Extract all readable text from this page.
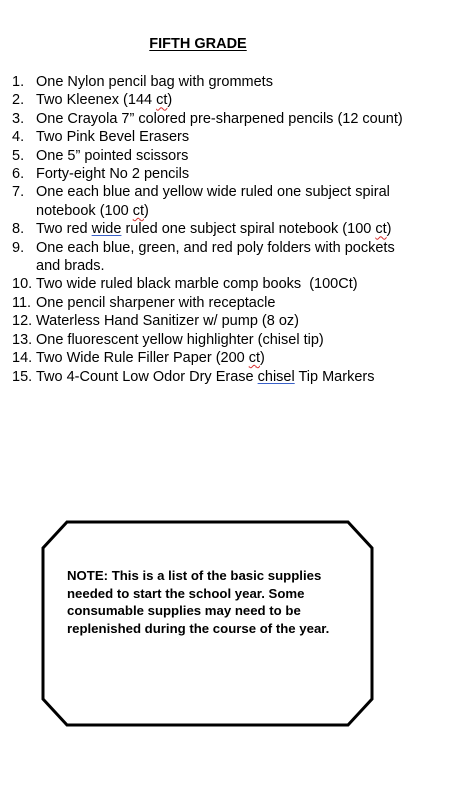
FIFTH GRADE
1. One Nylon pencil bag with grommets
2. Two Kleenex (144 ct)
3. One Crayola 7” colored pre-sharpened pencils (12 count)
4. Two Pink Bevel Erasers
5. One 5” pointed scissors
6. Forty-eight No 2 pencils
7. One each blue and yellow wide ruled one subject spiral notebook (100 ct)
8. Two red wide ruled one subject spiral notebook (100 ct)
9. One each blue, green, and red poly folders with pockets and brads.
10. Two wide ruled black marble comp books  (100Ct)
11. One pencil sharpener with receptacle
12. Waterless Hand Sanitizer w/ pump (8 oz)
13. One fluorescent yellow highlighter (chisel tip)
14. Two Wide Rule Filler Paper (200 ct)
15. Two 4-Count Low Odor Dry Erase chisel Tip Markers
NOTE: This is a list of the basic supplies needed to start the school year. Some consumable supplies may need to be replenished during the course of the year.
